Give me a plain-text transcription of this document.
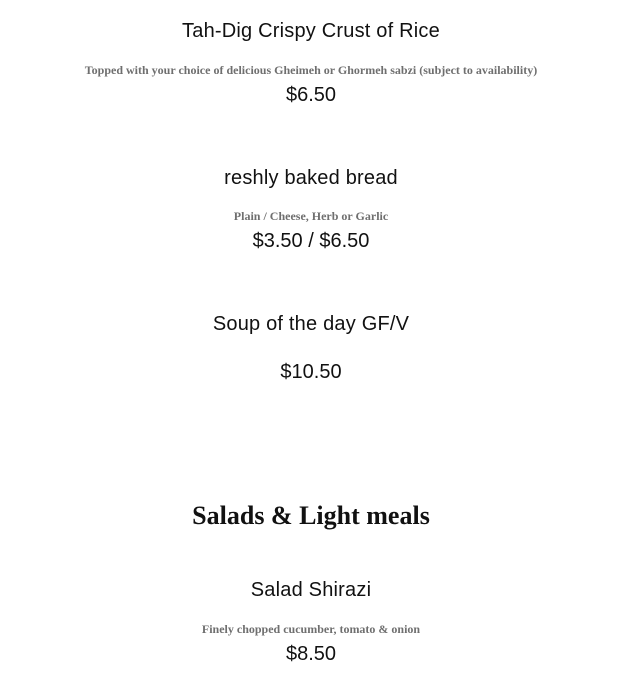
Tah-Dig Crispy Crust of Rice
Topped with your choice of delicious Gheimeh or Ghormeh sabzi (subject to availability)
$6.50
reshly baked bread
Plain / Cheese, Herb or Garlic
$3.50 / $6.50
Soup of the day GF/V
$10.50
Salads & Light meals
Salad Shirazi
Finely chopped cucumber, tomato & onion
$8.50
